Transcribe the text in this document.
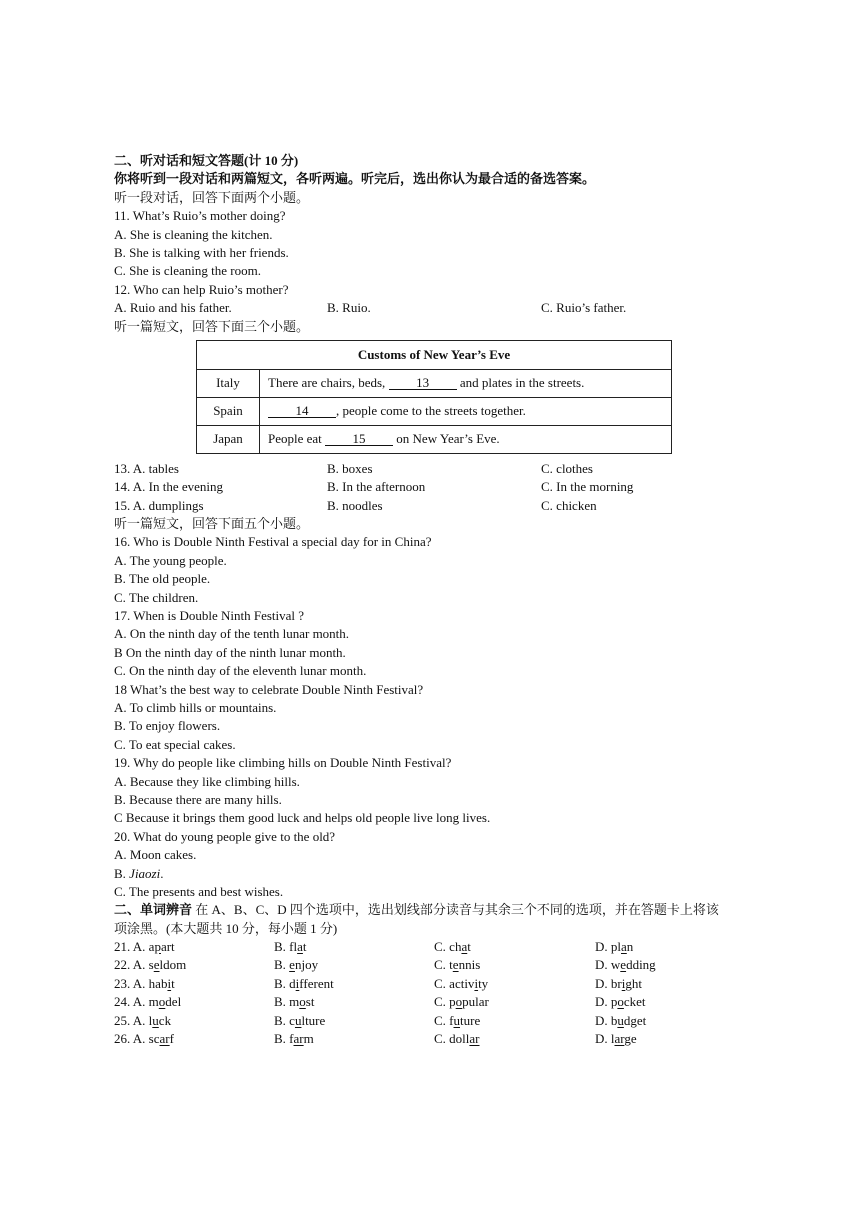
二、听对话和短文答题(计 10 分)
你将听到一段对话和两篇短文，各听两遍。听完后，选出你认为最合适的备选答案。
听一段对话，回答下面两个小题。
11. What’s Ruio’s mother doing?
A. She is cleaning the kitchen.
B. She is talking with her friends.
C. She is cleaning the room.
12. Who can help Ruio’s mother?
A. Ruio and his father.	B. Ruio.	C. Ruio’s father.
听一篇短文，回答下面三个小题。
Customs of New Year’s Eve	
Italy	There are chairs, beds, 13 and plates in the streets.
Spain	14 , people come to the streets together.
Japan	People eat 15 on New Year’s Eve.
13. A. tables	B. boxes	C. clothes
14. A. In the evening	B. In the afternoon	C. In the morning
15. A. dumplings	B. noodles	C. chicken
听一篇短文，回答下面五个小题。
16. Who is Double Ninth Festival a special day for in China?
A. The young people.
B. The old people.
C. The children.
17. When is Double Ninth Festival ?
A. On the ninth day of the tenth lunar month.
B On the ninth day of the ninth lunar month.
C. On the ninth day of the eleventh lunar month.
18 What’s the best way to celebrate Double Ninth Festival?
A. To climb hills or mountains.
B. To enjoy flowers.
C. To eat special cakes.
19. Why do people like climbing hills on Double Ninth Festival?
A. Because they like climbing hills.
B. Because there are many hills.
C Because it brings them good luck and helps old people live long lives.
20. What do young people give to the old?
A. Moon cakes.
B. Jiaozi.
C. The presents and best wishes.
二、单词辨音 在 A、B、C、D 四个选项中，选出划线部分读音与其余三个不同的选项，并在答题卡上将该
项涂黑。(本大题共 10 分，每小题 1 分)
21. A. apart	B. flat	C. chat	D. plan
22. A. seldom	B. enjoy	C. tennis	D. wedding
23. A. habit	B. different	C. activity	D. bright
24. A. model	B. most	C. popular	D. pocket
25. A. luck	B. culture	C. future	D. budget
26. A. scarf	B. farm	C. dollar	D. large
